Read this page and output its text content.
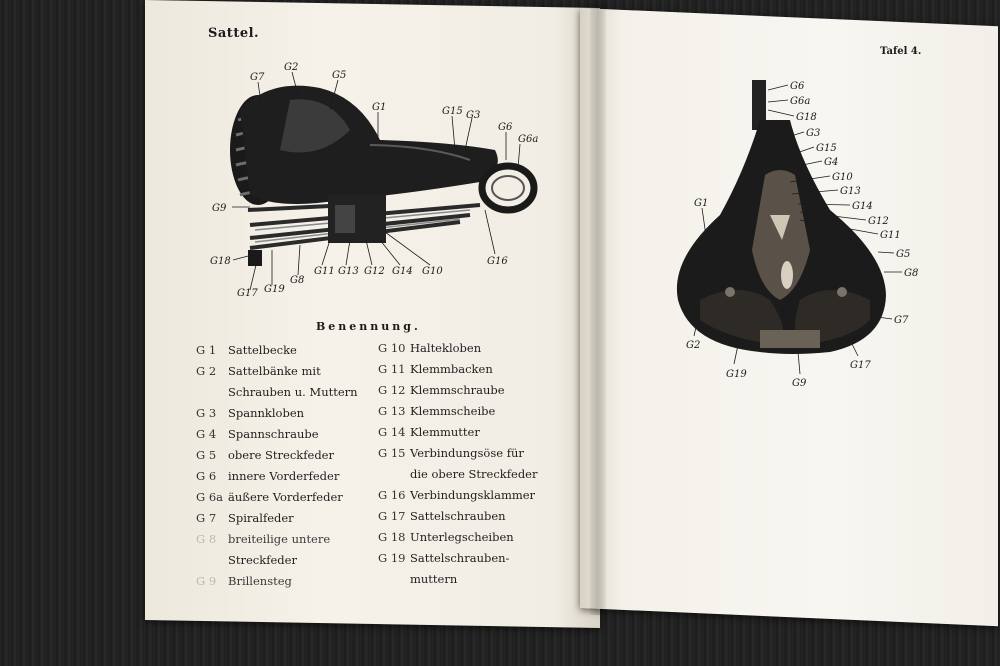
Sattel.
G7
G2
G5
G1	G15 G3
G6
G6a
G9
G18
G17 G19
G8
G11 G13 G12 G14 G10
G16
Benennung.
G 1	Sattelbecke
G 2	Sattelbänke mit
Schrauben u. Muttern
G 3	Spannkloben
G 4	Spannschraube
G 5	obere Streckfeder
G 6	innere Vorderfeder
G 6a äußere Vorderfeder
G 7	Spiralfeder
G 8	breiteilige untere
Streckfeder
G 9	Brillensteg
G 10 Haltekloben
G 11 Klemmbacken
G 12 Klemmschraube
G 13 Klemmscheibe
G 14 Klemmutter
G 15 Verbindungsöse für
die obere Streckfeder
G 16 Verbindungsklammer
G 17 Sattelschrauben
G 18 Unterlegscheiben
G 19 Sattelschrauben-
muttern
Tafel 4.
G6
G6a
G18
G3
G15
G4
G10
G13
G14
G12
G11
G5
G8
G7
G1
G2
G19
G9
G17
